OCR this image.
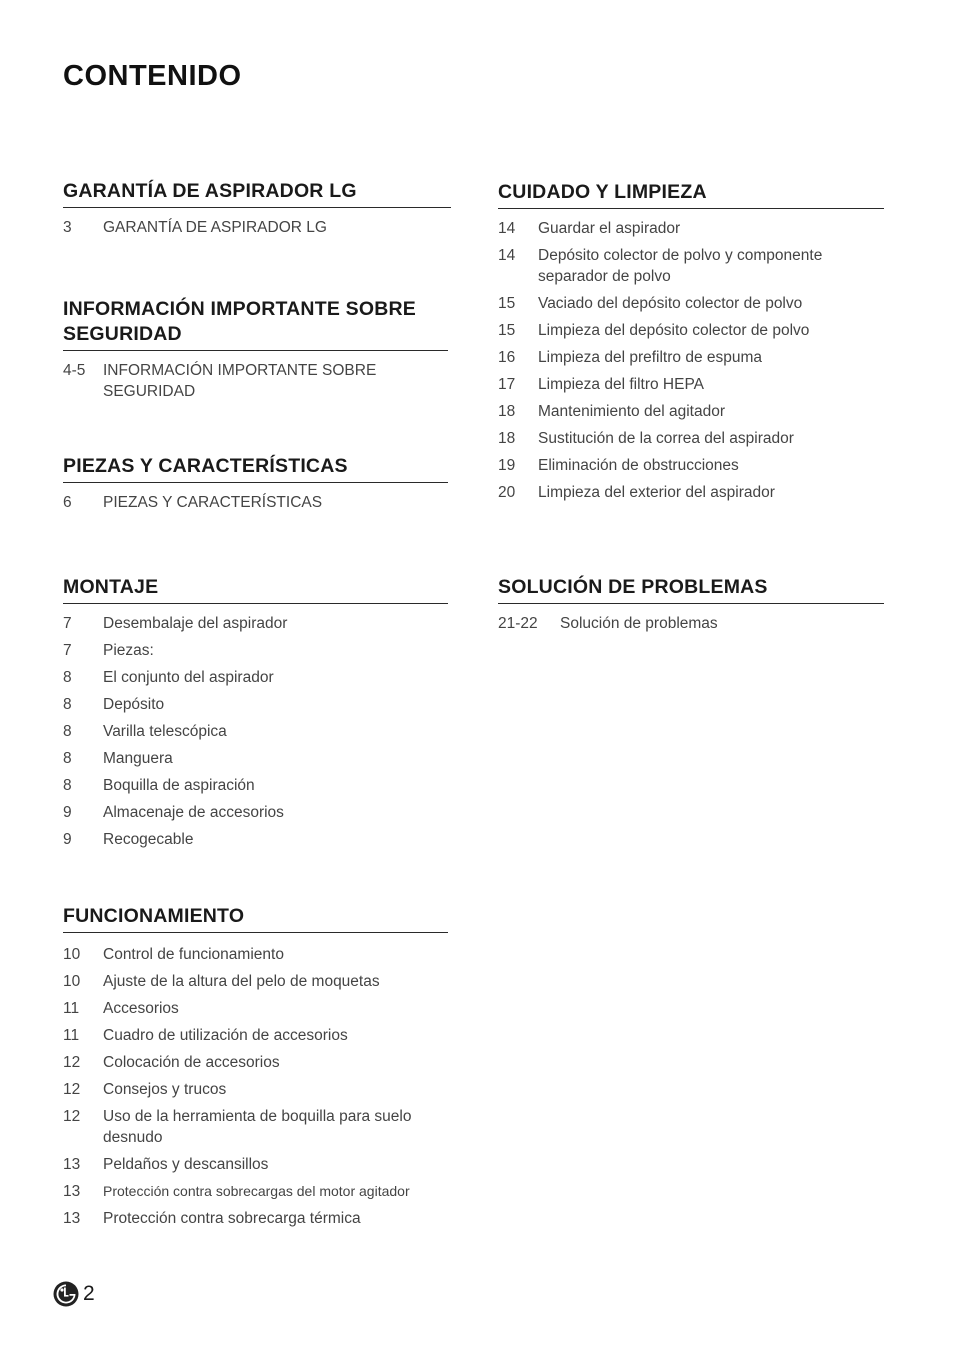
CONTENIDO
GARANTÍA DE ASPIRADOR LG
3	GARANTÍA DE ASPIRADOR LG
INFORMACIÓN IMPORTANTE SOBRE SEGURIDAD
4-5	INFORMACIÓN IMPORTANTE SOBRE SEGURIDAD
PIEZAS Y CARACTERÍSTICAS
6	PIEZAS Y CARACTERÍSTICAS
MONTAJE
7	Desembalaje del aspirador
7	Piezas:
8	El conjunto del aspirador
8	Depósito
8	Varilla telescópica
8	Manguera
8	Boquilla de aspiración
9	Almacenaje de accesorios
9	Recogecable
FUNCIONAMIENTO
10	Control de funcionamiento
10	Ajuste de la altura del pelo de moquetas
11	Accesorios
11	Cuadro de utilización de accesorios
12	Colocación de accesorios
12	Consejos y trucos
12	Uso de la herramienta de boquilla para suelo desnudo
13	Peldaños y descansillos
13	Protección contra sobrecargas del motor agitador
13	Protección contra sobrecarga térmica
CUIDADO Y LIMPIEZA
14	Guardar el aspirador
14	Depósito colector de polvo y componente separador de polvo
15	Vaciado del depósito colector de polvo
15	Limpieza del depósito colector de polvo
16	Limpieza del prefiltro de espuma
17	Limpieza del filtro HEPA
18	Mantenimiento del agitador
18	Sustitución de la correa del aspirador
19	Eliminación de obstrucciones
20	Limpieza del exterior del aspirador
SOLUCIÓN DE PROBLEMAS
21-22	Solución de problemas
2
